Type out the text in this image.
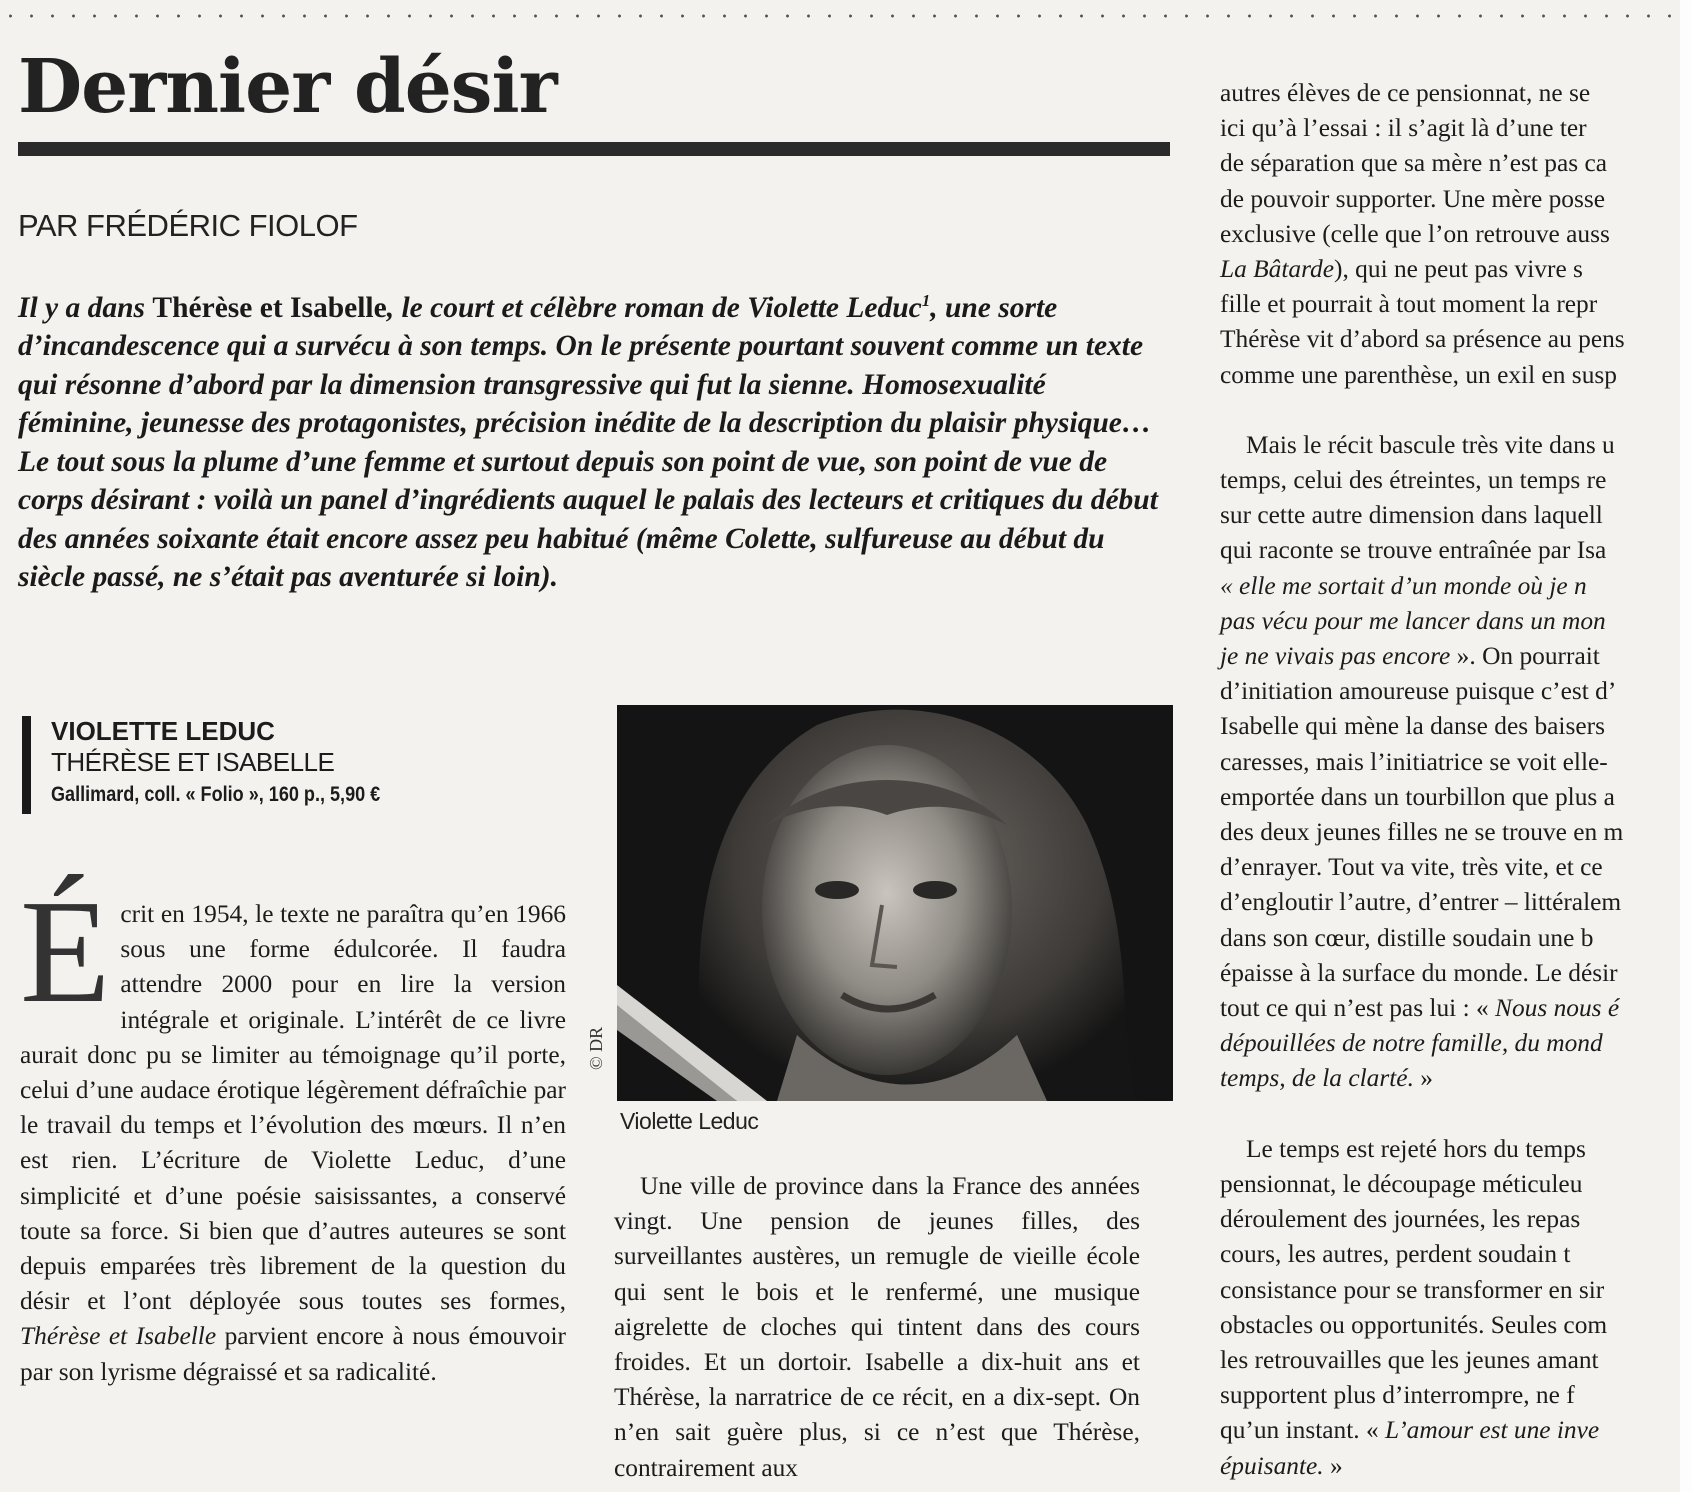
Dernier désir
PAR FRÉDÉRIC FIOLOF
Il y a dans Thérèse et Isabelle, le court et célèbre roman de Violette Leduc$^1$, une sorte d’incandescence qui a survécu à son temps. On le présente pourtant souvent comme un texte qui résonne d’abord par la dimension transgressive qui fut la sienne. Homosexualité féminine, jeunesse des protagonistes, précision inédite de la description du plaisir physique… Le tout sous la plume d’une femme et surtout depuis son point de vue, son point de vue de corps désirant : voilà un panel d’ingrédients auquel le palais des lecteurs et critiques du début des années soixante était encore assez peu habitué (même Colette, sulfureuse au début du siècle passé, ne s’était pas aventurée si loin).
VIOLETTE LEDUC
THÉRÈSE ET ISABELLE
Gallimard, coll. « Folio », 160 p., 5,90 €
© DR
Violette Leduc

Écrit en 1954, le texte ne paraîtra qu’en 1966 sous une forme édulcorée. Il faudra attendre 2000 pour en lire la version intégrale et originale. L’intérêt de ce livre aurait donc pu se limiter au témoignage qu’il porte, celui d’une audace érotique légèrement défraîchie par le travail du temps et l’évolution des mœurs. Il n’en est rien. L’écriture de Violette Leduc, d’une simplicité et d’une poésie saisissantes, a conservé toute sa force. Si bien que d’autres auteures se sont depuis emparées très librement de la question du désir et l’ont déployée sous toutes ses formes, Thérèse et Isabelle parvient encore à nous émouvoir par son lyrisme dégraissé et sa radicalité.

Une ville de province dans la France des années vingt. Une pension de jeunes filles, des surveillantes austères, un remugle de vieille école qui sent le bois et le renfermé, une musique aigrelette de cloches qui tintent dans des cours froides. Et un dortoir. Isabelle a dix-huit ans et Thérèse, la narratrice de ce récit, en a dix-sept. On n’en sait guère plus, si ce n’est que Thérèse, contrairement aux

autres élèves de ce pensionnat, ne se
ici qu’à l’essai : il s’agit là d’une ter
de séparation que sa mère n’est pas ca
de pouvoir supporter. Une mère posse
exclusive (celle que l’on retrouve auss
La Bâtarde), qui ne peut pas vivre s
fille et pourrait à tout moment la repr
Thérèse vit d’abord sa présence au pens
comme une parenthèse, un exil en susp
Mais le récit bascule très vite dans u
temps, celui des étreintes, un temps re
sur cette autre dimension dans laquell
qui raconte se trouve entraînée par Isa
« elle me sortait d’un monde où je n
pas vécu pour me lancer dans un mon
je ne vivais pas encore ». On pourrait
d’initiation amoureuse puisque c’est d’
Isabelle qui mène la danse des baisers
caresses, mais l’initiatrice se voit elle-
emportée dans un tourbillon que plus a
des deux jeunes filles ne se trouve en m
d’enrayer. Tout va vite, très vite, et ce
d’engloutir l’autre, d’entrer – littéralem
dans son cœur, distille soudain une b
épaisse à la surface du monde. Le désir
tout ce qui n’est pas lui : « Nous nous é
dépouillées de notre famille, du mond
temps, de la clarté. »
Le temps est rejeté hors du temps
pensionnat, le découpage méticuleu
déroulement des journées, les repas
cours, les autres, perdent soudain t
consistance pour se transformer en sir
obstacles ou opportunités. Seules com
les retrouvailles que les jeunes amant
supportent plus d’interrompre, ne f
qu’un instant. « L’amour est une inve
épuisante. »
